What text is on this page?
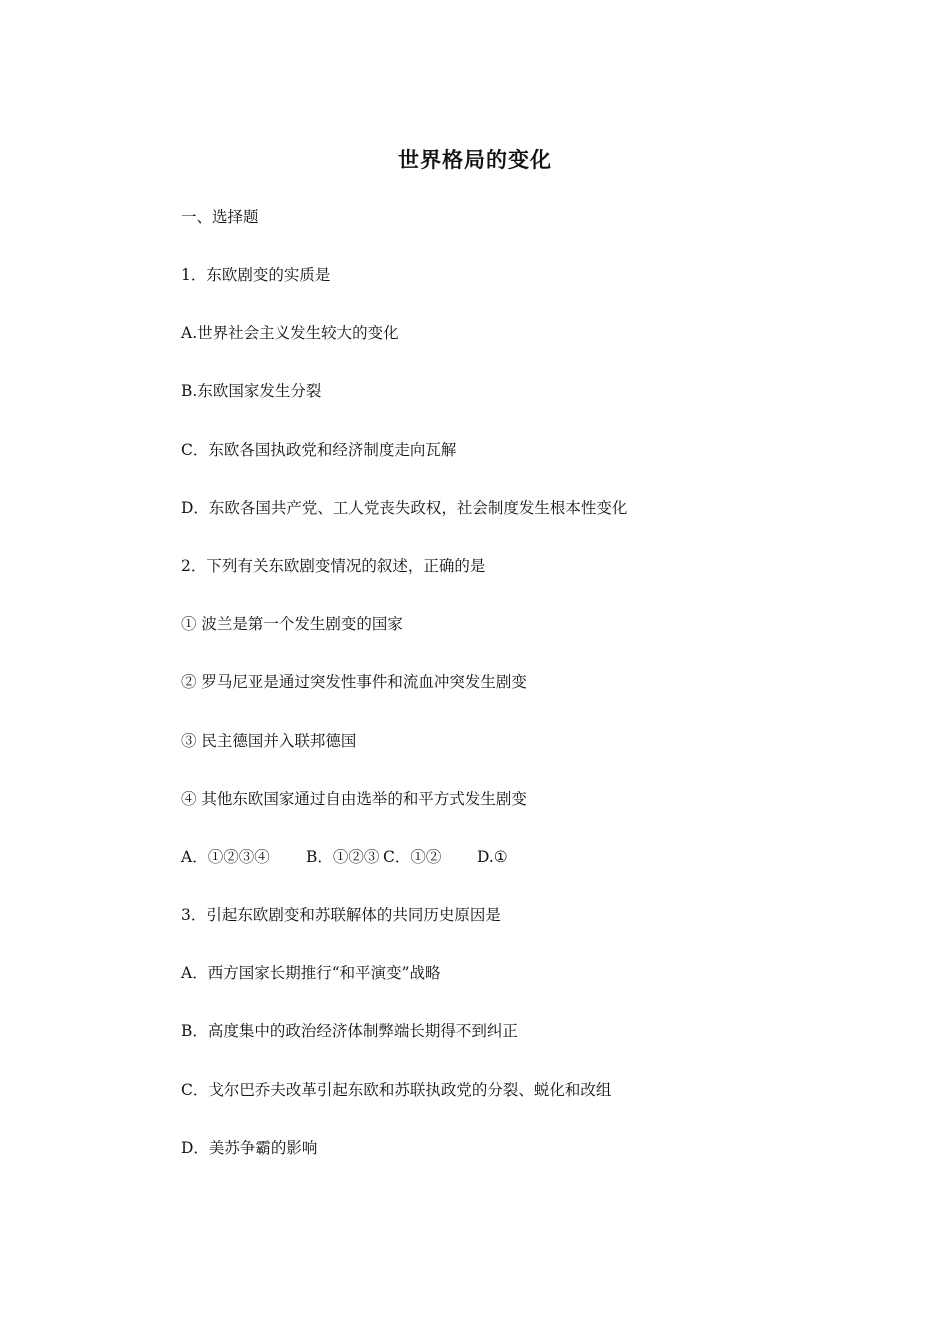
世界格局的变化
一、选择题
1．东欧剧变的实质是
A.世界社会主义发生较大的变化
B.东欧国家发生分裂
C．东欧各国执政党和经济制度走向瓦解
D．东欧各国共产党、工人党丧失政权，社会制度发生根本性变化
2．下列有关东欧剧变情况的叙述，正确的是
① 波兰是第一个发生剧变的国家
② 罗马尼亚是通过突发性事件和流血冲突发生剧变
③ 民主德国并入联邦德国
④ 其他东欧国家通过自由选举的和平方式发生剧变

A．①②③④

B．①②③

C．①②

D.①

3．引起东欧剧变和苏联解体的共同历史原因是
A．西方国家长期推行“和平演变”战略
B．高度集中的政治经济体制弊端长期得不到纠正
C．戈尔巴乔夫改革引起东欧和苏联执政党的分裂、蜕化和改组
D．美苏争霸的影响
